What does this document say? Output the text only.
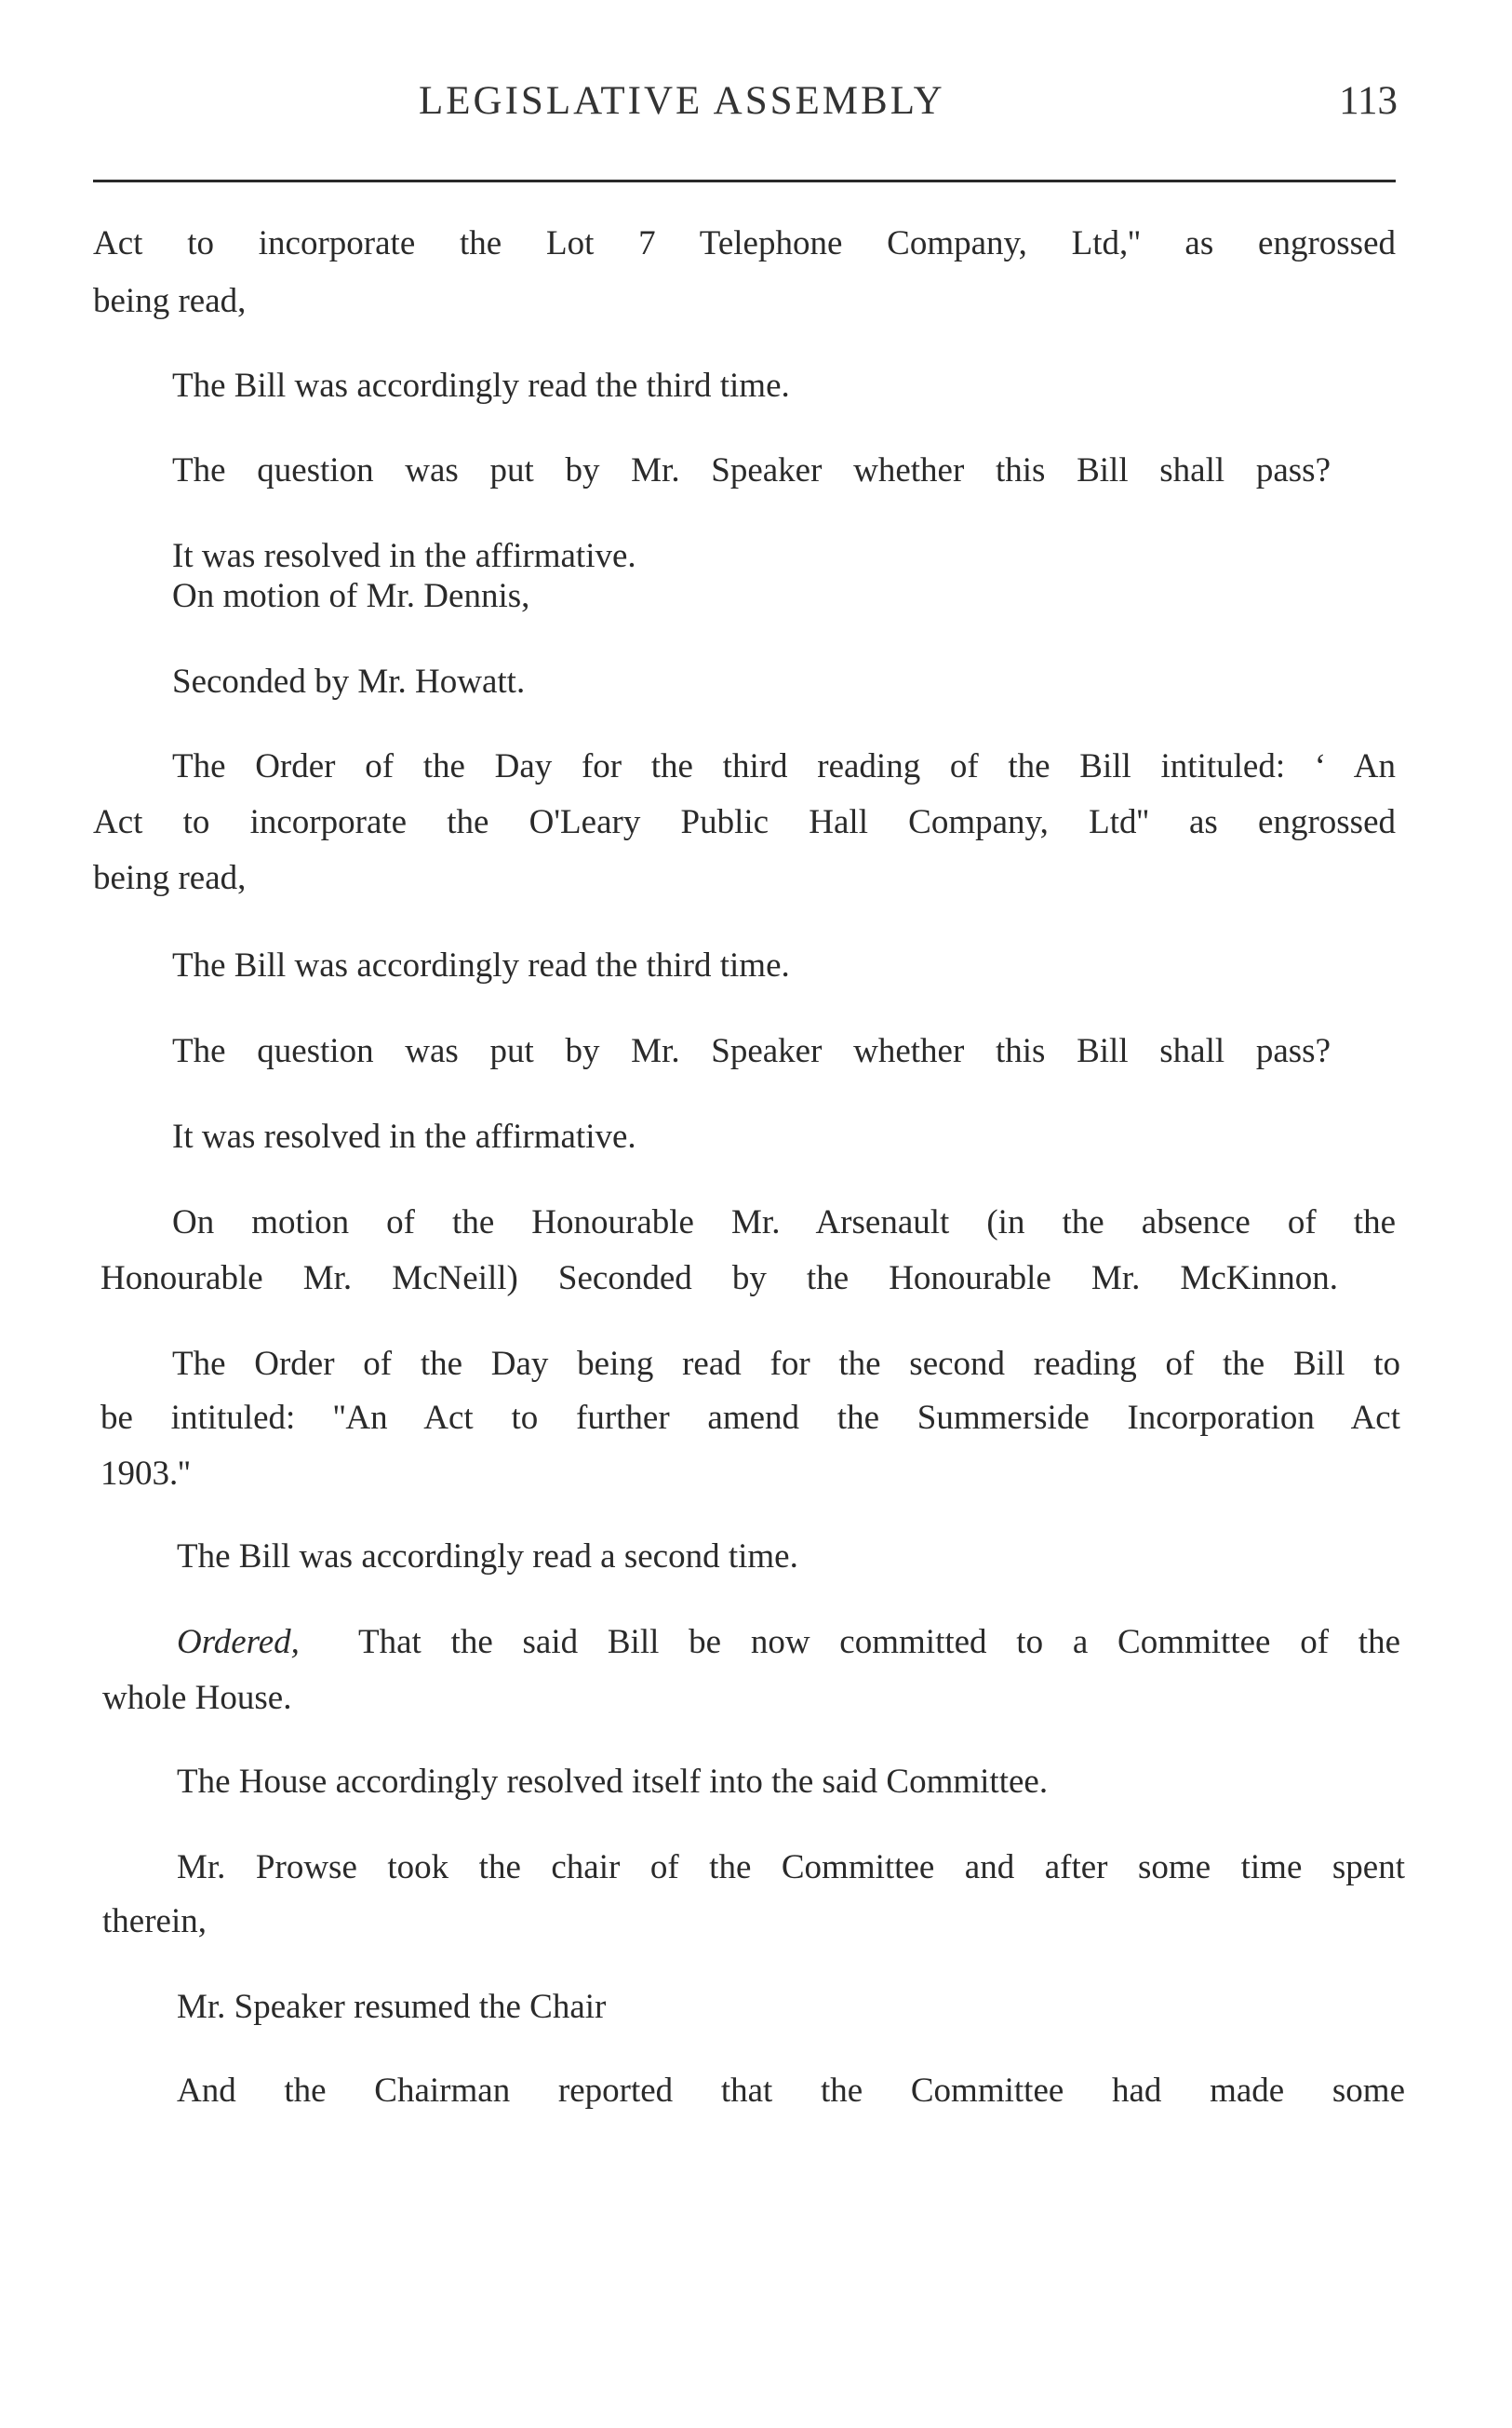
LEGISLATIVE ASSEMBLY	113
Act to incorporate the Lot 7 Telephone Company, Ltd,'' as engrossed
being read,
The Bill was accordingly read the third time.
The question was put by Mr. Speaker whether this Bill shall pass?
It was resolved in the affirmative.
On motion of Mr. Dennis,
Seconded by Mr. Howatt.
The Order of the Day for the third reading of the Bill intituled: ‘ An
Act to incorporate the O'Leary Public Hall Company, Ltd'' as engrossed
being read,
The Bill was accordingly read the third time.
The question was put by Mr. Speaker whether this Bill shall pass?
It was resolved in the affirmative.
On motion of the Honourable Mr. Arsenault (in the absence of the
Honourable Mr. McNeill) Seconded by the Honourable Mr. McKinnon.
The Order of the Day being read for the second reading of the Bill to
be intituled: ''An Act to further amend the Summerside Incorporation Act
1903.''
The Bill was accordingly read a second time.
Ordered, That the said Bill be now committed to a Committee of the
whole House.
The House accordingly resolved itself into the said Committee.
Mr. Prowse took the chair of the Committee and after some time spent
therein,
Mr. Speaker resumed the Chair
And the Chairman reported that the Committee had made some
